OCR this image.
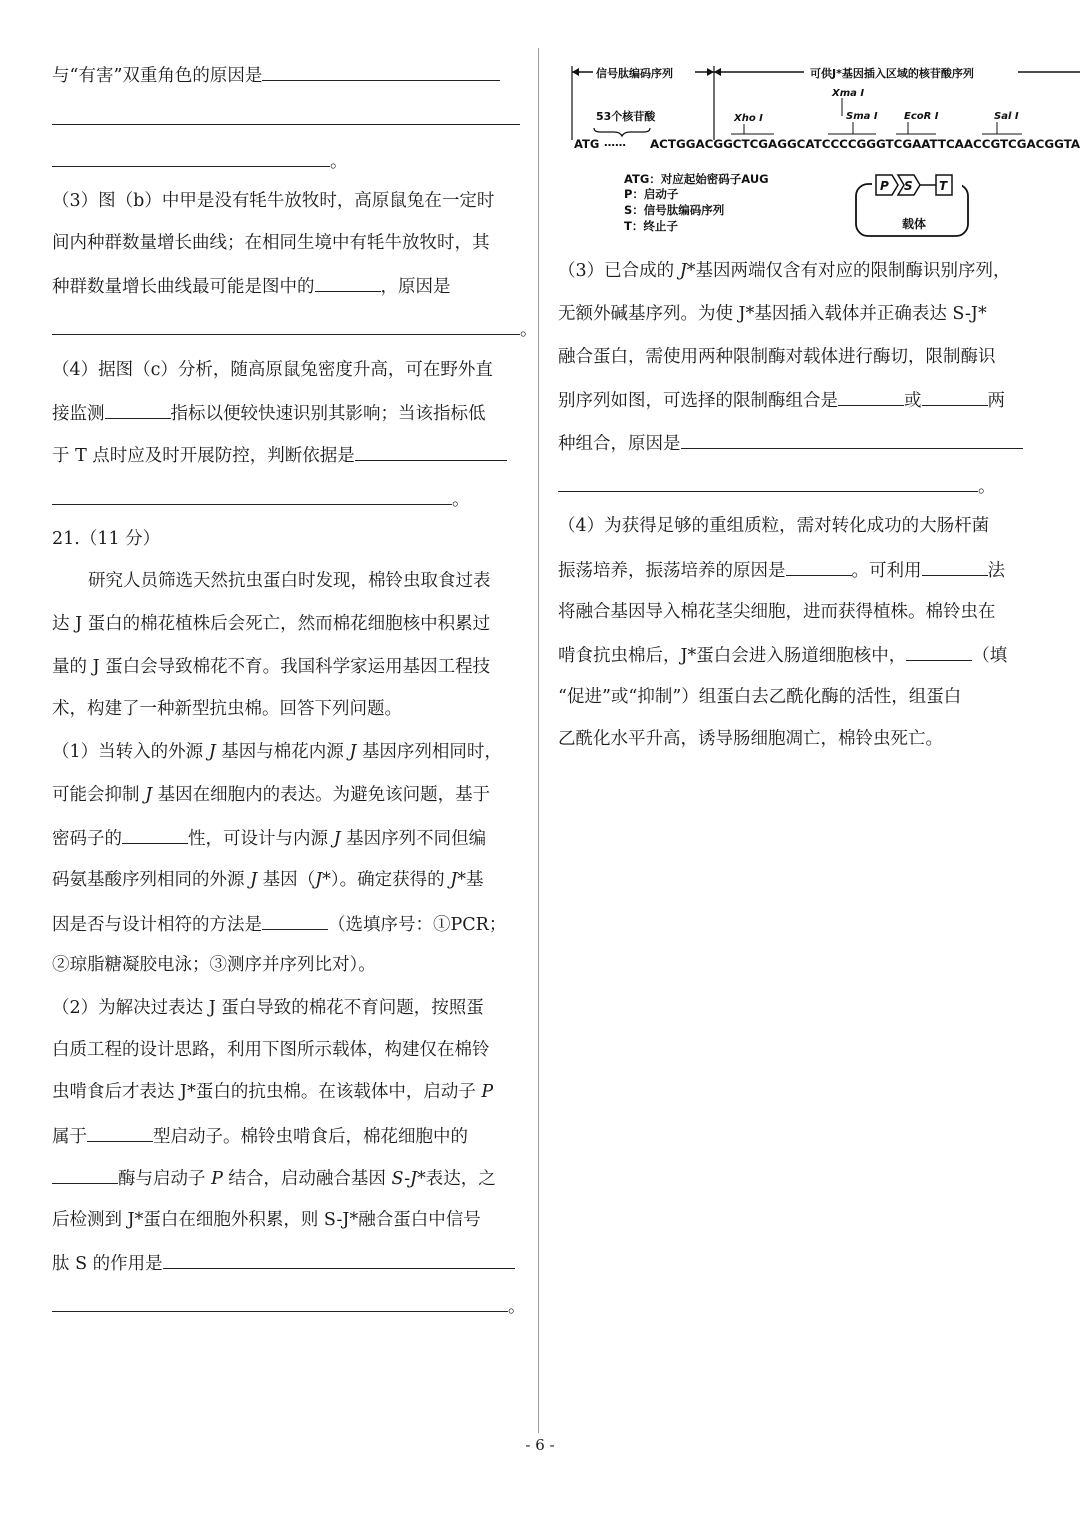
与“有害”双重角色的原因是
。
（3）图（b）中甲是没有牦牛放牧时，高原鼠兔在一定时
间内种群数量增长曲线；在相同生境中有牦牛放牧时，其
种群数量增长曲线最可能是图中的	，原因是
。
（4）据图（c）分析，随高原鼠兔密度升高，可在野外直
接监测	指标以便较快速识别其影响；当该指标低
于 T 点时应及时开展防控，判断依据是
。
21.（11 分）
研究人员筛选天然抗虫蛋白时发现，棉铃虫取食过表
达 J 蛋白的棉花植株后会死亡，然而棉花细胞核中积累过
量的 J 蛋白会导致棉花不育。我国科学家运用基因工程技
术，构建了一种新型抗虫棉。回答下列问题。
（1）当转入的外源 J 基因与棉花内源 J 基因序列相同时，
可能会抑制 J 基因在细胞内的表达。为避免该问题，基于
密码子的	性，可设计与内源 J 基因序列不同但编
码氨基酸序列相同的外源 J 基因（J*）。确定获得的 J*基
因是否与设计相符的方法是	（选填序号：①PCR；
②琼脂糖凝胶电泳；③测序并序列比对）。
（2）为解决过表达 J 蛋白导致的棉花不育问题，按照蛋
白质工程的设计思路，利用下图所示载体，构建仅在棉铃
虫啃食后才表达 J*蛋白的抗虫棉。在该载体中，启动子 P
属于	型启动子。棉铃虫啃食后，棉花细胞中的
酶与启动子 P 结合，启动融合基因 S-J*表达，之
后检测到 J*蛋白在细胞外积累，则 S-J*融合蛋白中信号
肽 S 的作用是
。
信号肽编码序列	可供J*基因插入区域的核苷酸序列
53个核苷酸
Xma I
Xho I	Sma I	EcoR I	Sal I
ATG …… ACTGGACGGCTCGAGGCATCCCCGGGTCGAATTCAACCGTCGACGGTA
ATG：对应起始密码子AUG
P：启动子
S：信号肽编码序列
T：终止子
P S T
载体
（3）已合成的 J*基因两端仅含有对应的限制酶识别序列，
无额外碱基序列。为使 J*基因插入载体并正确表达 S-J*
融合蛋白，需使用两种限制酶对载体进行酶切，限制酶识
别序列如图，可选择的限制酶组合是	或	两
种组合，原因是
。
（4）为获得足够的重组质粒，需对转化成功的大肠杆菌
振荡培养，振荡培养的原因是	。可利用	法
将融合基因导入棉花茎尖细胞，进而获得植株。棉铃虫在
啃食抗虫棉后，J*蛋白会进入肠道细胞核中，	（填
“促进”或“抑制”）组蛋白去乙酰化酶的活性，组蛋白
乙酰化水平升高，诱导肠细胞凋亡，棉铃虫死亡。
- 6 -
